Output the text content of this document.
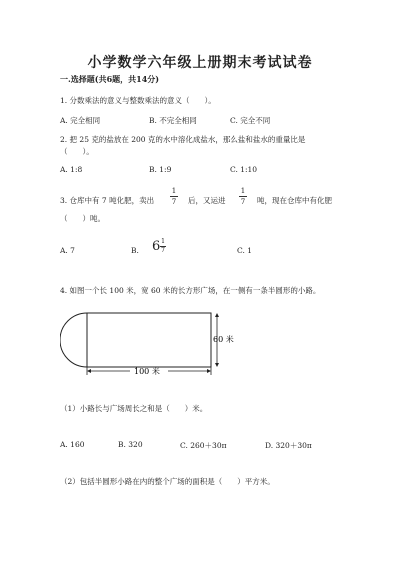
小学数学六年级上册期末考试试卷
一.选择题(共6题，共14分)
1. 分数乘法的意义与整数乘法的意义（　　）。
A. 完全相同	B. 不完全相同	C. 完全不同
2. 把 25 克的盐放在 200 克的水中溶化成盐水，那么盐和盐水的重量比是
（　　）。
A. 1:8	B. 1:9	C. 1:10
3. 仓库中有 7 吨化肥，卖出
1
7 后，又运进
1
7 吨，现在仓库中有化肥
（　　）吨。
A. 7	B. 6 1
7	C. 1
4. 如图一个长 100 米，宽 60 米的长方形广场，在一侧有一条半圆形的小路。
60 米
100 米
（1）小路长与广场周长之和是（　　）米。
A. 160	B. 320	C. 260＋30π	D. 320＋30π
（2）包括半圆形小路在内的整个广场的面积是（　　）平方米。
